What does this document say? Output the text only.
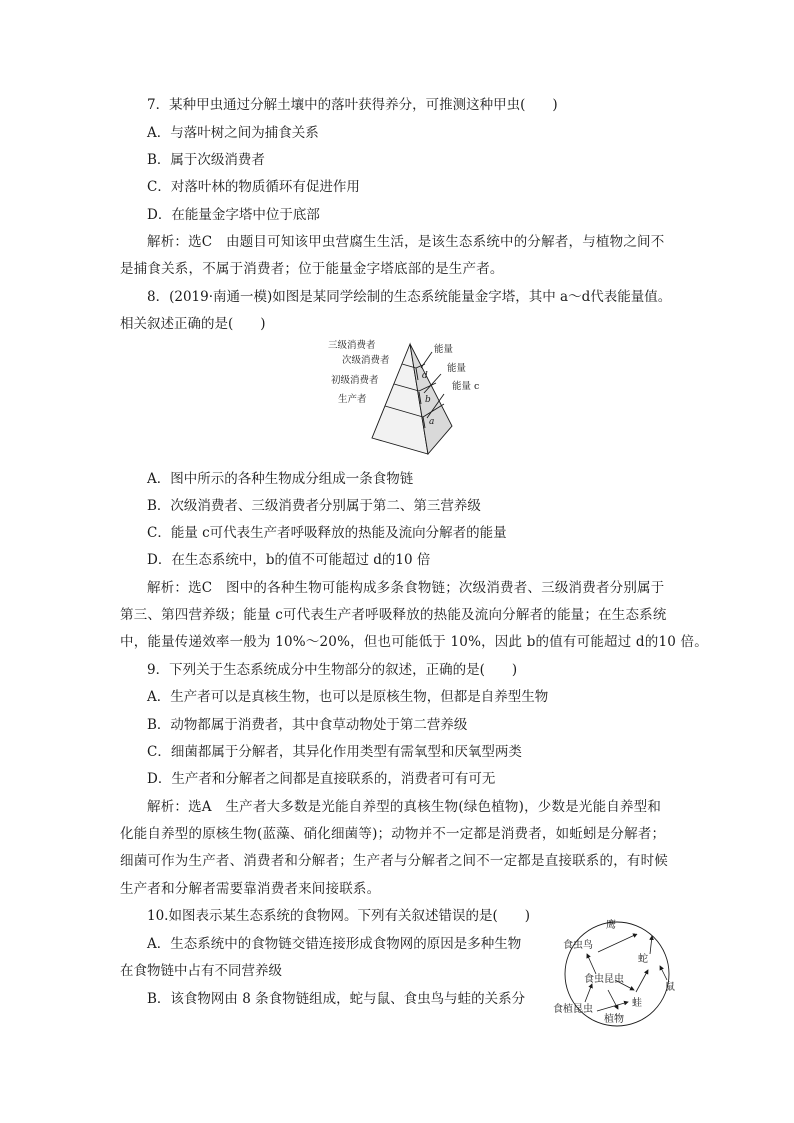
7．某种甲虫通过分解土壤中的落叶获得养分，可推测这种甲虫(　　)
A．与落叶树之间为捕食关系
B．属于次级消费者
C．对落叶林的物质循环有促进作用
D．在能量金字塔中位于底部
解析：选C　由题目可知该甲虫营腐生生活，是该生态系统中的分解者，与植物之间不
是捕食关系，不属于消费者；位于能量金字塔底部的是生产者。
8．(2019·南通一模)如图是某同学绘制的生态系统能量金字塔，其中 a～d代表能量值。
相关叙述正确的是(　　)
三级消费者
次级消费者
初级消费者
生产者
能量
能量
能量 c
d
b
a
A．图中所示的各种生物成分组成一条食物链
B．次级消费者、三级消费者分别属于第二、第三营养级
C．能量 c可代表生产者呼吸释放的热能及流向分解者的能量
D．在生态系统中，b的值不可能超过 d的10 倍
解析：选C　图中的各种生物可能构成多条食物链；次级消费者、三级消费者分别属于
第三、第四营养级；能量 c可代表生产者呼吸释放的热能及流向分解者的能量；在生态系统
中，能量传递效率一般为 10%～20%，但也可能低于 10%，因此 b的值有可能超过 d的10 倍。
9．下列关于生态系统成分中生物部分的叙述，正确的是(　　)
A．生产者可以是真核生物，也可以是原核生物，但都是自养型生物
B．动物都属于消费者，其中食草动物处于第二营养级
C．细菌都属于分解者，其异化作用类型有需氧型和厌氧型两类
D．生产者和分解者之间都是直接联系的，消费者可有可无
解析：选A　生产者大多数是光能自养型的真核生物(绿色植物)，少数是光能自养型和
化能自养型的原核生物(蓝藻、硝化细菌等)；动物并不一定都是消费者，如蚯蚓是分解者；
细菌可作为生产者、消费者和分解者；生产者与分解者之间不一定都是直接联系的，有时候
生产者和分解者需要靠消费者来间接联系。
10.如图表示某生态系统的食物网。下列有关叙述错误的是(　　)
A．生态系统中的食物链交错连接形成食物网的原因是多种生物
在食物链中占有不同营养级
B．该食物网由 8 条食物链组成，蛇与鼠、食虫鸟与蛙的关系分
鹰
食虫鸟
蛇
食虫昆虫
鼠
食植昆虫
蛙
植物
